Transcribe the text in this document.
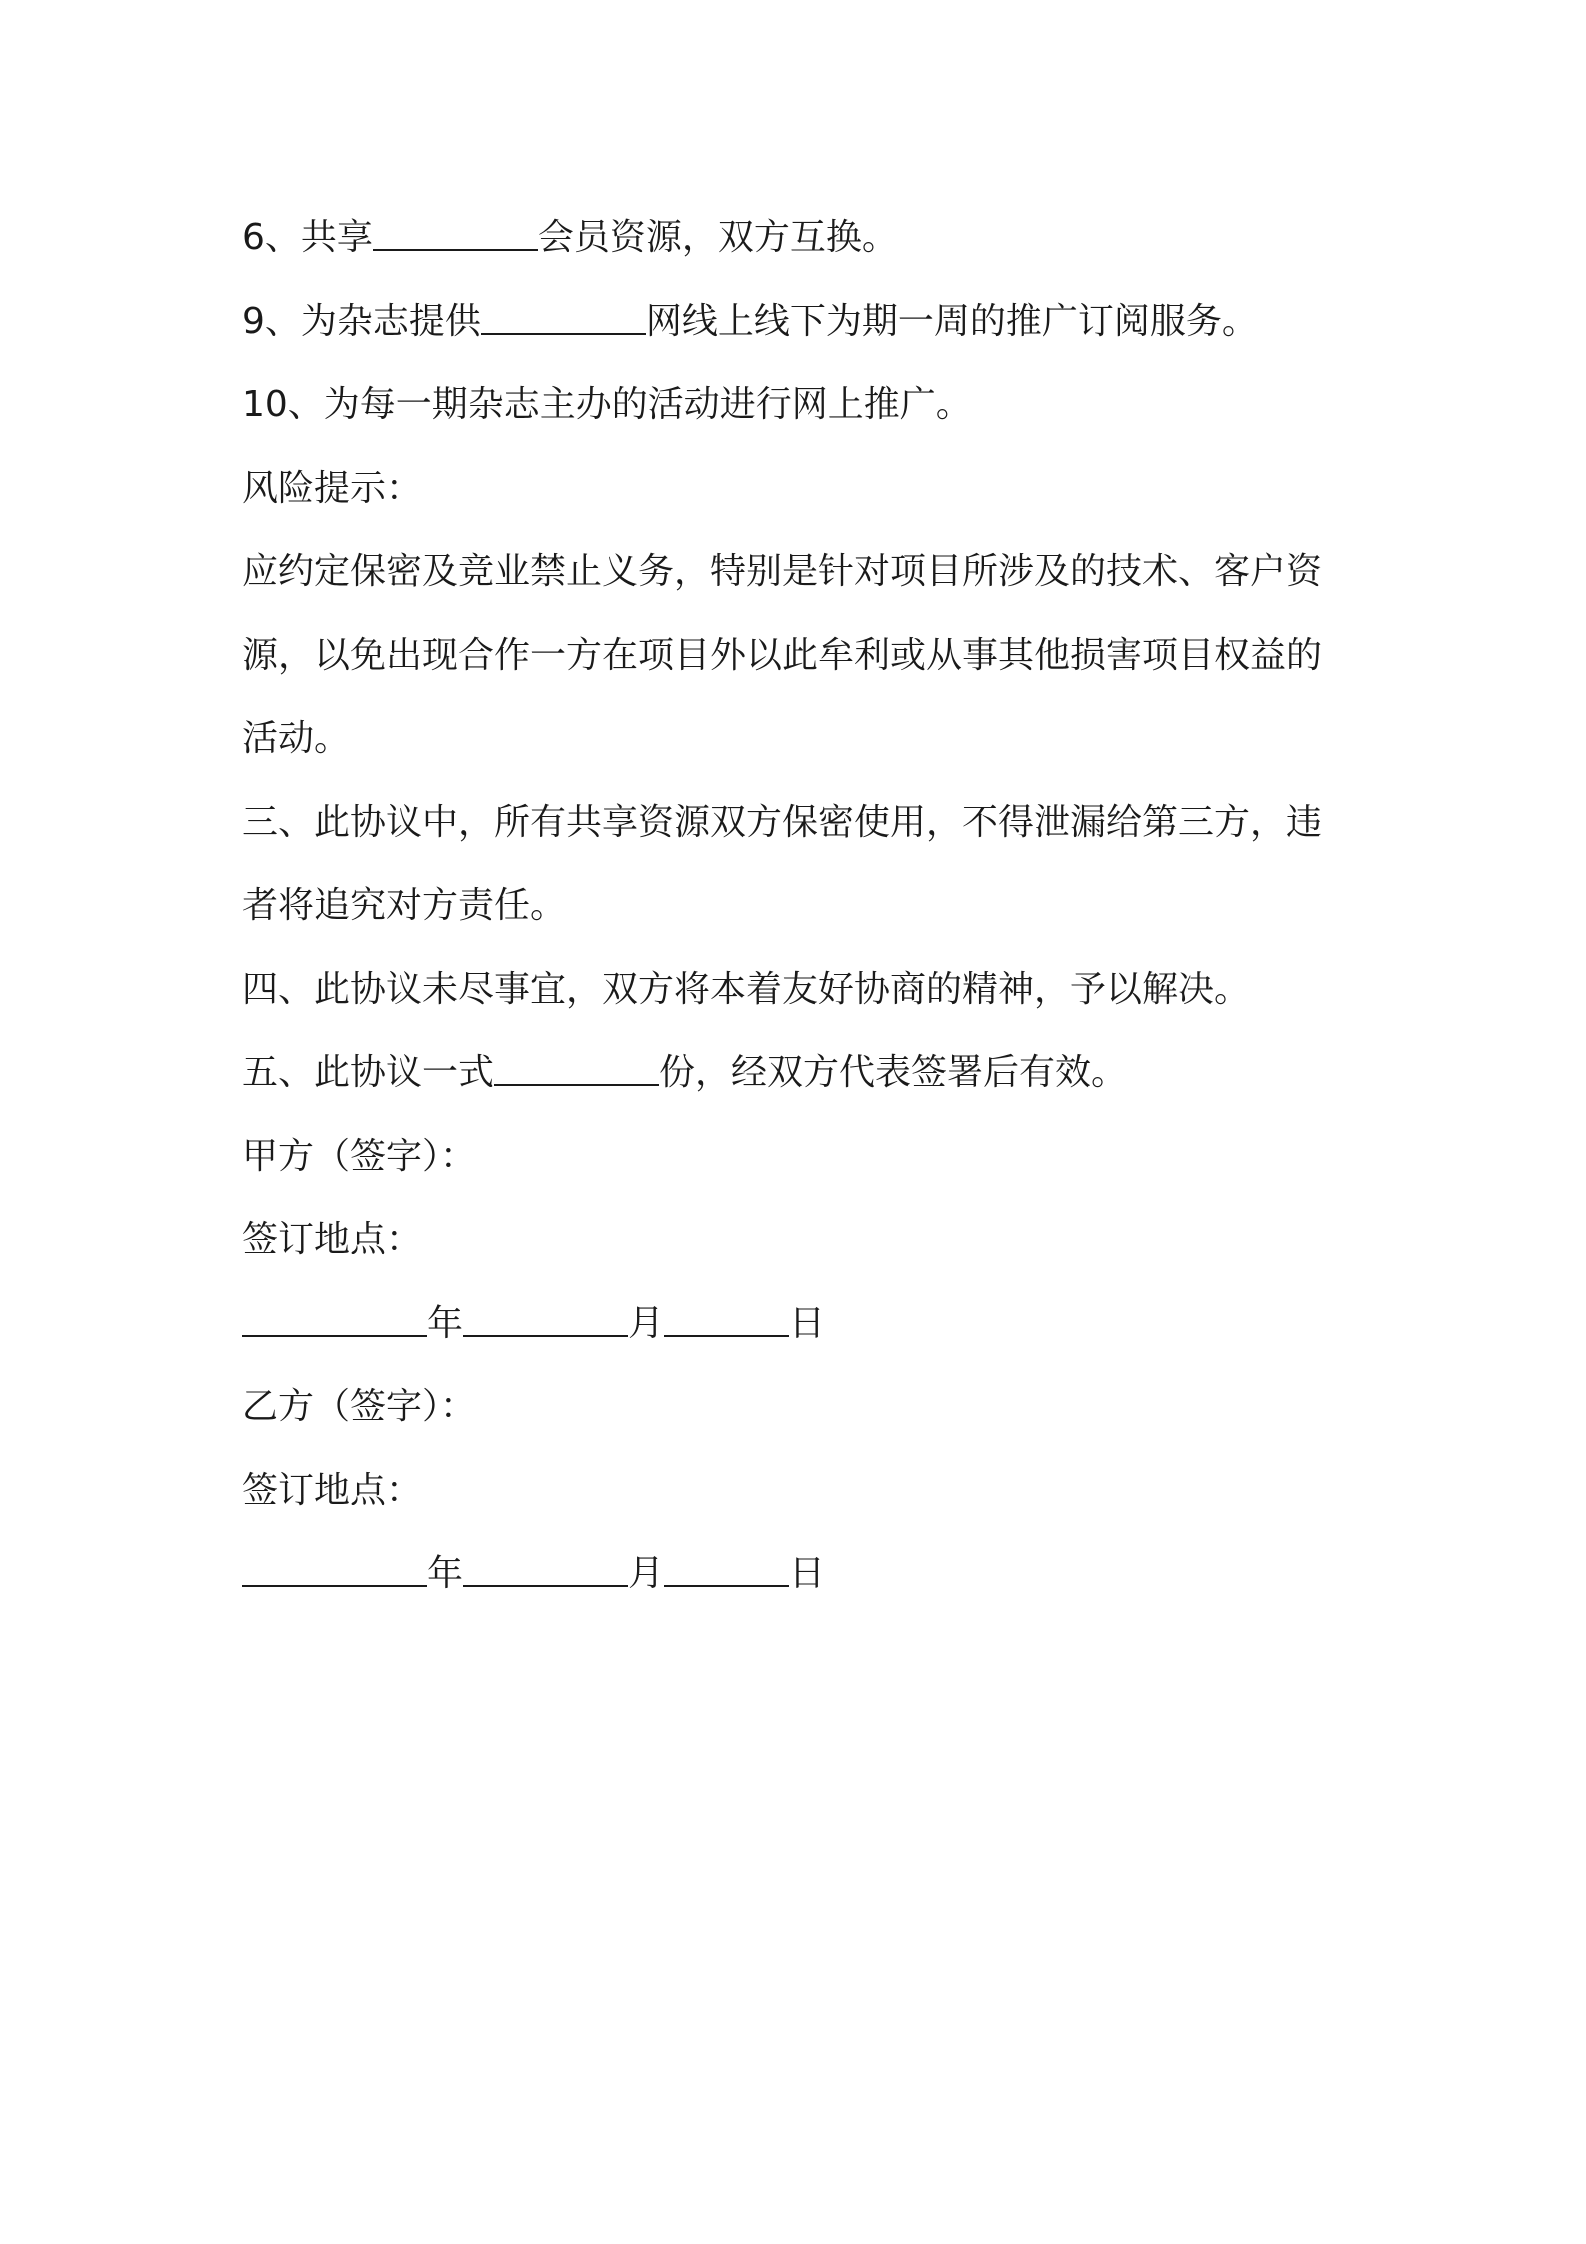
6、共享	会员资源，双方互换。
9、为杂志提供	网线上线下为期一周的推广订阅服务。
10、为每一期杂志主办的活动进行网上推广。
风险提示：
应约定保密及竞业禁止义务，特别是针对项目所涉及的技术、客户资
源，以免出现合作一方在项目外以此牟利或从事其他损害项目权益的
活动。
三、此协议中，所有共享资源双方保密使用，不得泄漏给第三方，违
者将追究对方责任。
四、此协议未尽事宜，双方将本着友好协商的精神，予以解决。
五、此协议一式	份，经双方代表签署后有效。
甲方（签字）：
签订地点：
年	月	日
乙方（签字）：
签订地点：
年	月	日
